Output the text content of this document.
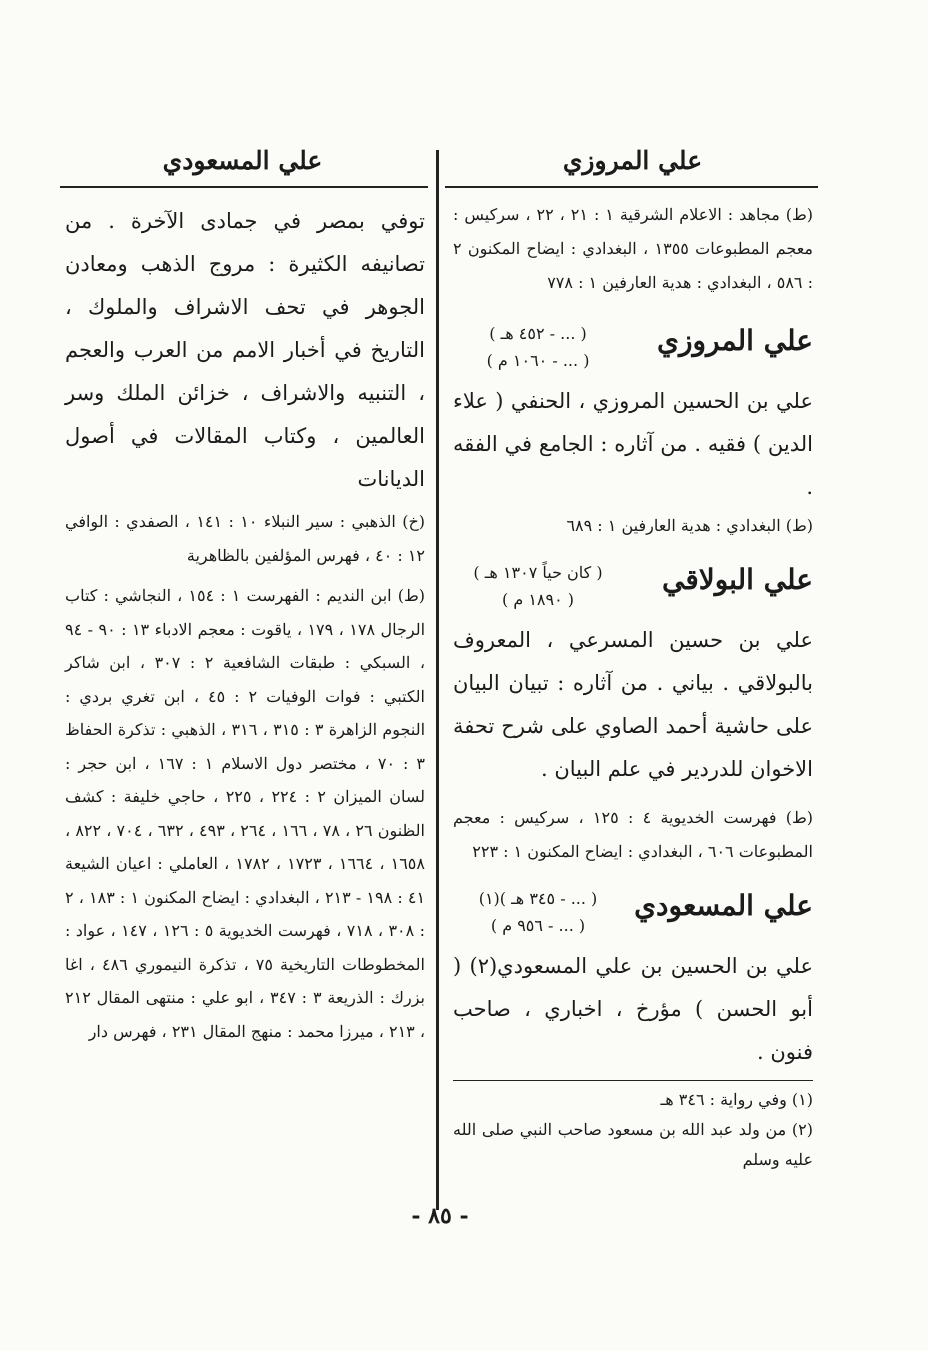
علي المروزي
علي المسعودي

(ط) مجاهد : الاعلام الشرقية ١ : ٢١ ، ٢٢ ، سركيس : معجم المطبوعات ١٣٥٥ ، البغدادي : ايضاح المكنون ٢ : ٥٨٦ ، البغدادي : هدية العارفين ١ : ٧٧٨

علي المروزي
( ... - ٤٥٢ هـ )
( ... - ١٠٦٠ م )

علي بن الحسين المروزي ، الحنفي ( علاء الدين ) فقيه . من آثاره : الجامع في الفقه .

(ط) البغدادي : هدية العارفين ١ : ٦٨٩

علي البولاقي
( كان حياً ١٣٠٧ هـ )
( ١٨٩٠ م )

علي بن حسين المسرعي ، المعروف بالبولاقي . بياني . من آثاره : تبيان البيان على حاشية أحمد الصاوي على شرح تحفة الاخوان للدردير في علم البيان .

(ط) فهرست الخديوية ٤ : ١٢٥ ، سركيس : معجم المطبوعات ٦٠٦ ، البغدادي : ايضاح المكنون ١ : ٢٢٣

علي المسعودي
( ... - ٣٤٥ هـ )(١)
( ... - ٩٥٦ م )

علي بن الحسين بن علي المسعودي(٢) ( أبو الحسن ) مؤرخ ، اخباري ، صاحب فنون .

(١) وفي رواية : ٣٤٦ هـ

(٢) من ولد عبد الله بن مسعود صاحب النبي صلى الله عليه وسلم

توفي بمصر في جمادى الآخرة . من تصانيفه الكثيرة : مروج الذهب ومعادن الجوهر في تحف الاشراف والملوك ، التاريخ في أخبار الامم من العرب والعجم ، التنبيه والاشراف ، خزائن الملك وسر العالمين ، وكتاب المقالات في أصول الديانات

(خ) الذهبي : سير النبلاء ١٠ : ١٤١ ، الصفدي : الوافي ١٢ : ٤٠ ، فهرس المؤلفين بالظاهرية

(ط) ابن النديم : الفهرست ١ : ١٥٤ ، النجاشي : كتاب الرجال ١٧٨ ، ١٧٩ ، ياقوت : معجم الادباء ١٣ : ٩٠ - ٩٤ ، السبكي : طبقات الشافعية ٢ : ٣٠٧ ، ابن شاكر الكتبي : فوات الوفيات ٢ : ٤٥ ، ابن تغري بردي : النجوم الزاهرة ٣ : ٣١٥ ، ٣١٦ ، الذهبي : تذكرة الحفاظ ٣ : ٧٠ ، مختصر دول الاسلام ١ : ١٦٧ ، ابن حجر : لسان الميزان ٢ : ٢٢٤ ، ٢٢٥ ، حاجي خليفة : كشف الظنون ٢٦ ، ٧٨ ، ١٦٦ ، ٢٦٤ ، ٤٩٣ ، ٦٣٢ ، ٧٠٤ ، ٨٢٢ ، ١٦٥٨ ، ١٦٦٤ ، ١٧٢٣ ، ١٧٨٢ ، العاملي : اعيان الشيعة ٤١ : ١٩٨ - ٢١٣ ، البغدادي : ايضاح المكنون ١ : ١٨٣ ، ٢ : ٣٠٨ ، ٧١٨ ، فهرست الخديوية ٥ : ١٢٦ ، ١٤٧ ، عواد : المخطوطات التاريخية ٧٥ ، تذكرة النيموري ٤٨٦ ، اغا بزرك : الذريعة ٣ : ٣٤٧ ، ابو علي : منتهى المقال ٢١٢ ، ٢١٣ ، ميرزا محمد : منهج المقال ٢٣١ ، فهرس دار

- ٨٥ -
